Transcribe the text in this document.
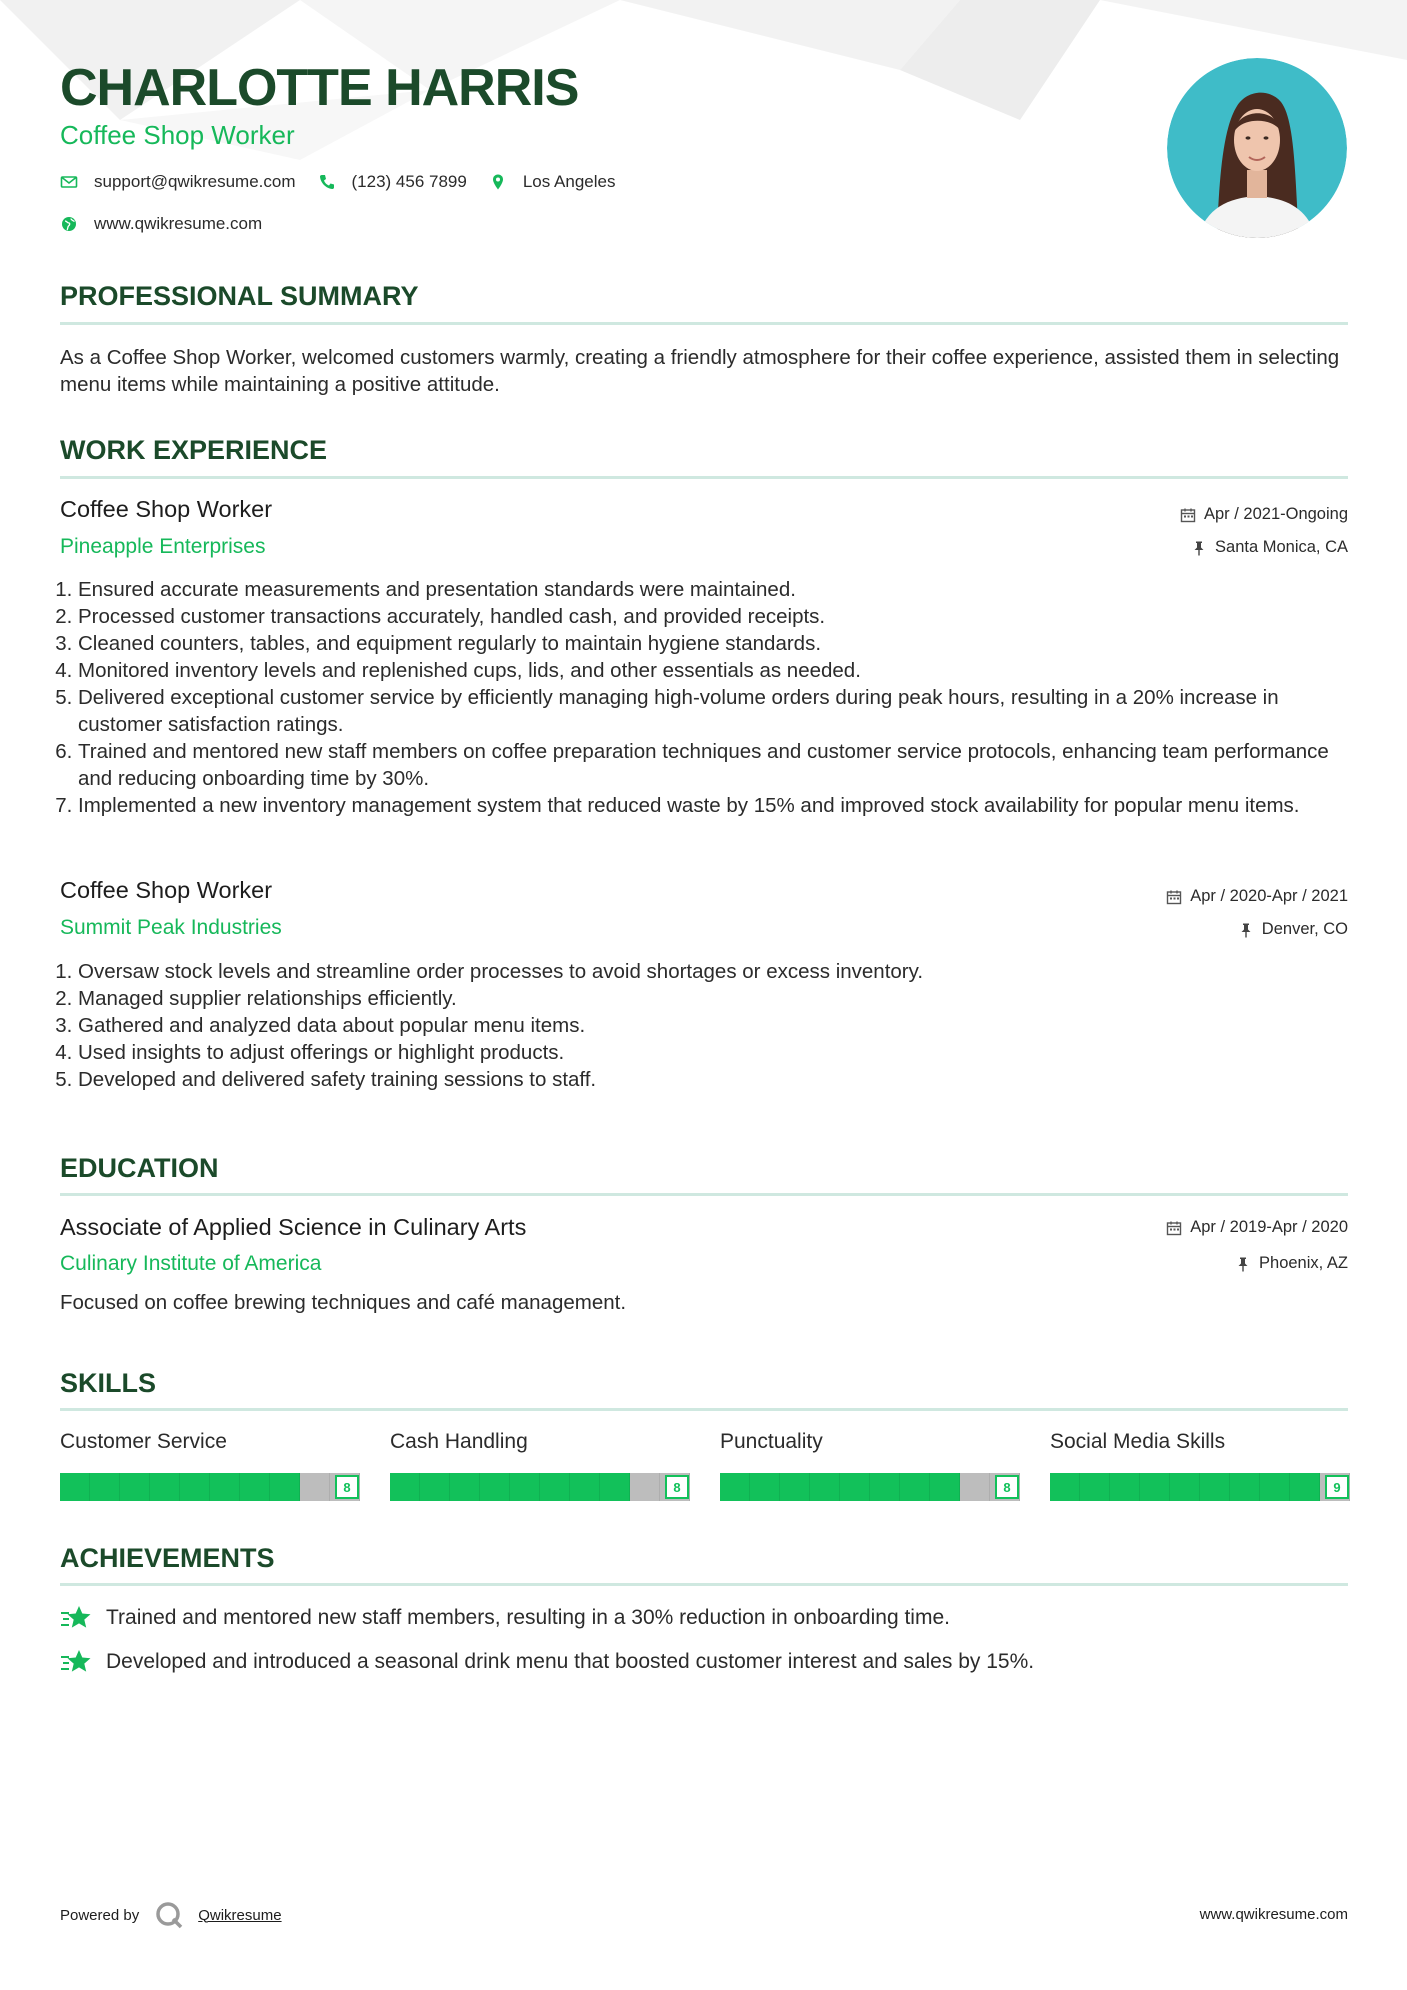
CHARLOTTE HARRIS
Coffee Shop Worker
support@qwikresume.com	(123) 456 7899	Los Angeles
www.qwikresume.com
PROFESSIONAL SUMMARY
As a Coffee Shop Worker, welcomed customers warmly, creating a friendly atmosphere for their coffee experience, assisted them in selecting menu items while maintaining a positive attitude.
WORK EXPERIENCE
Coffee Shop Worker
Pineapple Enterprises
Apr / 2021-Ongoing
Santa Monica, CA
1. Ensured accurate measurements and presentation standards were maintained.
2. Processed customer transactions accurately, handled cash, and provided receipts.
3. Cleaned counters, tables, and equipment regularly to maintain hygiene standards.
4. Monitored inventory levels and replenished cups, lids, and other essentials as needed.
5. Delivered exceptional customer service by efficiently managing high-volume orders during peak hours, resulting in a 20% increase in customer satisfaction ratings.
6. Trained and mentored new staff members on coffee preparation techniques and customer service protocols, enhancing team performance and reducing onboarding time by 30%.
7. Implemented a new inventory management system that reduced waste by 15% and improved stock availability for popular menu items.
Coffee Shop Worker
Summit Peak Industries
Apr / 2020-Apr / 2021
Denver, CO
1. Oversaw stock levels and streamline order processes to avoid shortages or excess inventory.
2. Managed supplier relationships efficiently.
3. Gathered and analyzed data about popular menu items.
4. Used insights to adjust offerings or highlight products.
5. Developed and delivered safety training sessions to staff.
EDUCATION
Associate of Applied Science in Culinary Arts
Culinary Institute of America
Apr / 2019-Apr / 2020
Phoenix, AZ
Focused on coffee brewing techniques and café management.
SKILLS
Customer Service
8
Cash Handling
8
Punctuality
8
Social Media Skills
9
ACHIEVEMENTS
Trained and mentored new staff members, resulting in a 30% reduction in onboarding time.
Developed and introduced a seasonal drink menu that boosted customer interest and sales by 15%.
Powered by	Qwikresume	www.qwikresume.com
